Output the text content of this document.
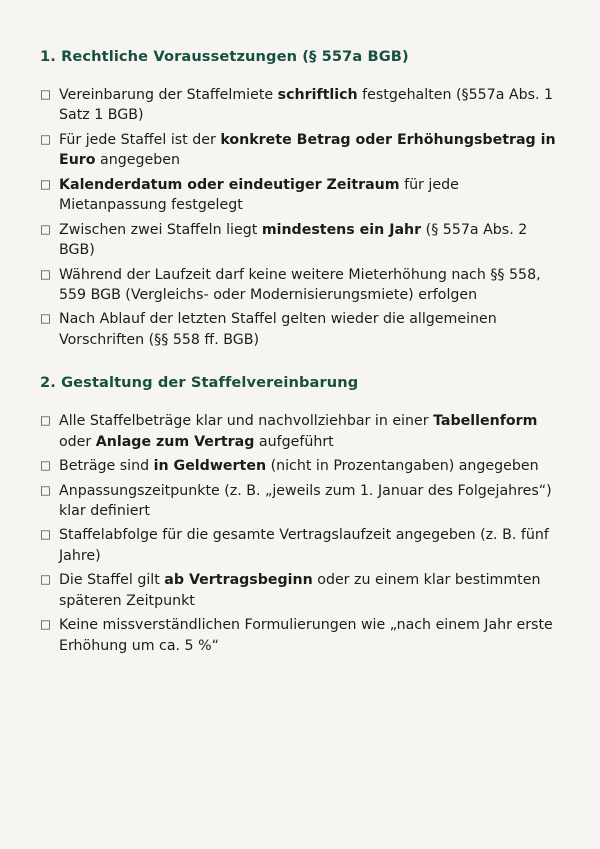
1. Rechtliche Voraussetzungen (§ 557a BGB)
□ Vereinbarung der Staffelmiete schriftlich festgehalten (§557a Abs. 1 Satz 1 BGB)
□ Für jede Staffel ist der konkrete Betrag oder Erhöhungsbetrag in Euro angegeben
□ Kalenderdatum oder eindeutiger Zeitraum für jede Mietanpassung festgelegt
□ Zwischen zwei Staffeln liegt mindestens ein Jahr (§ 557a Abs. 2 BGB)
□ Während der Laufzeit darf keine weitere Mieterhöhung nach §§ 558, 559 BGB (Vergleichs- oder Modernisierungsmiete) erfolgen
□ Nach Ablauf der letzten Staffel gelten wieder die allgemeinen Vorschriften (§§ 558 ff. BGB)
2. Gestaltung der Staffelvereinbarung
□ Alle Staffelbeträge klar und nachvollziehbar in einer Tabellenform oder Anlage zum Vertrag aufgeführt
□ Beträge sind in Geldwerten (nicht in Prozentangaben) angegeben
□ Anpassungszeitpunkte (z. B. „jeweils zum 1. Januar des Folgejahres“) klar definiert
□ Staffelabfolge für die gesamte Vertragslaufzeit angegeben (z. B. fünf Jahre)
□ Die Staffel gilt ab Vertragsbeginn oder zu einem klar bestimmten späteren Zeitpunkt
□ Keine missverständlichen Formulierungen wie „nach einem Jahr erste Erhöhung um ca. 5 %“
